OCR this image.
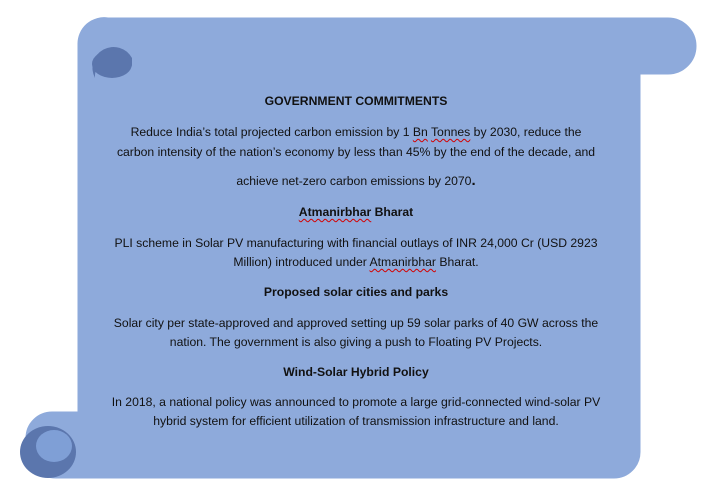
GOVERNMENT COMMITMENTS
Reduce India’s total projected carbon emission by 1 Bn Tonnes by 2030, reduce the
carbon intensity of the nation’s economy by less than 45% by the end of the decade, and
achieve net-zero carbon emissions by 2070.
Atmanirbhar Bharat
PLI scheme in Solar PV manufacturing with financial outlays of INR 24,000 Cr (USD 2923
Million) introduced under Atmanirbhar Bharat.
Proposed solar cities and parks
Solar city per state-approved and approved setting up 59 solar parks of 40 GW across the
nation. The government is also giving a push to Floating PV Projects.
Wind-Solar Hybrid Policy
In 2018, a national policy was announced to promote a large grid-connected wind-solar PV
hybrid system for efficient utilization of transmission infrastructure and land.
